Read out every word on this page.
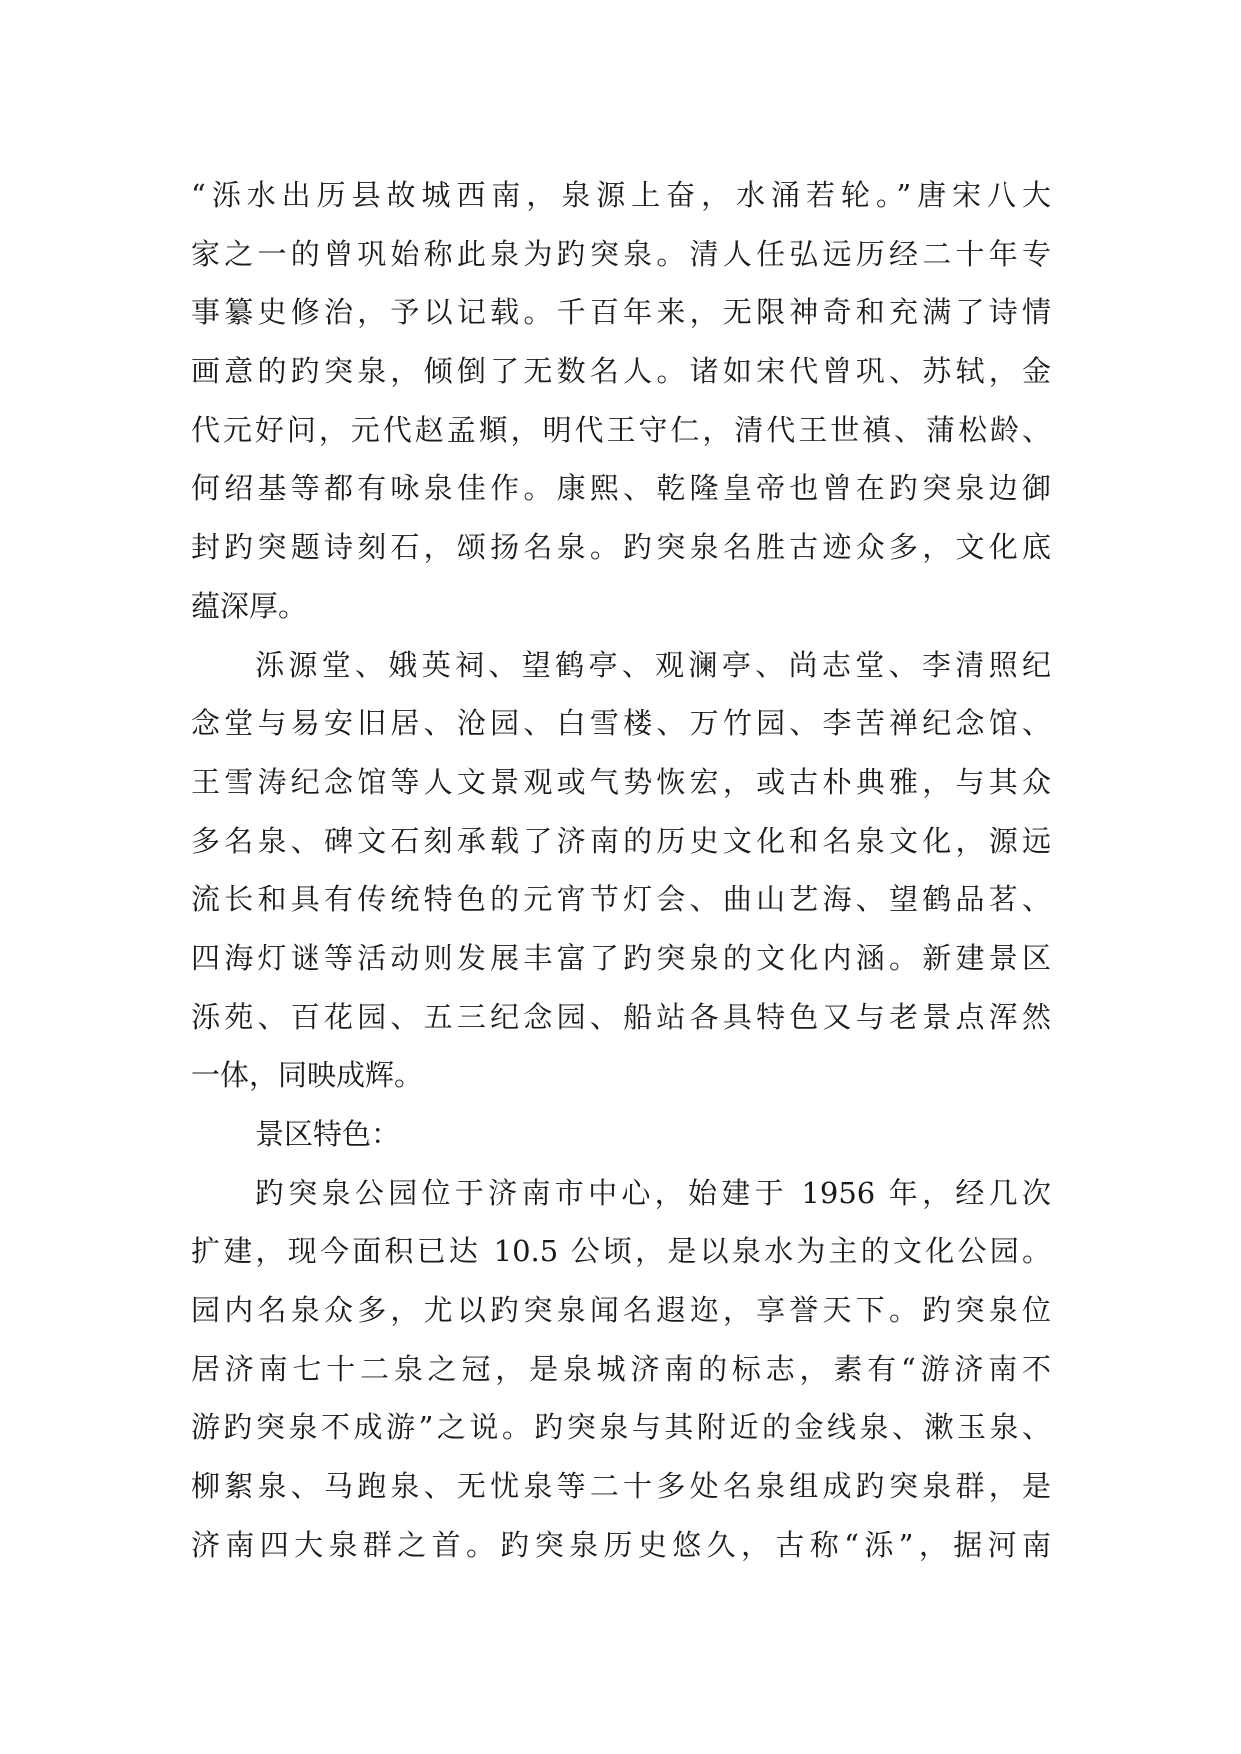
“泺水出历县故城西南，泉源上奋，水涌若轮。”唐宋八大
家之一的曾巩始称此泉为趵突泉。清人任弘远历经二十年专
事纂史修治，予以记载。千百年来，无限神奇和充满了诗情
画意的趵突泉，倾倒了无数名人。诸如宋代曾巩、苏轼，金
代元好问，元代赵孟頫，明代王守仁，清代王世禛、蒲松龄、
何绍基等都有咏泉佳作。康熙、乾隆皇帝也曾在趵突泉边御
封趵突题诗刻石，颂扬名泉。趵突泉名胜古迹众多，文化底
蕴深厚。
泺源堂、娥英祠、望鹤亭、观澜亭、尚志堂、李清照纪
念堂与易安旧居、沧园、白雪楼、万竹园、李苦禅纪念馆、
王雪涛纪念馆等人文景观或气势恢宏，或古朴典雅，与其众
多名泉、碑文石刻承载了济南的历史文化和名泉文化，源远
流长和具有传统特色的元宵节灯会、曲山艺海、望鹤品茗、
四海灯谜等活动则发展丰富了趵突泉的文化内涵。新建景区
泺苑、百花园、五三纪念园、船站各具特色又与老景点浑然
一体，同映成辉。
景区特色：
趵突泉公园位于济南市中心，始建于 1956 年，经几次
扩建，现今面积已达 10.5 公顷，是以泉水为主的文化公园。
园内名泉众多，尤以趵突泉闻名遐迩，享誉天下。趵突泉位
居济南七十二泉之冠，是泉城济南的标志，素有“游济南不
游趵突泉不成游”之说。趵突泉与其附近的金线泉、漱玉泉、
柳絮泉、马跑泉、无忧泉等二十多处名泉组成趵突泉群，是
济南四大泉群之首。趵突泉历史悠久，古称“泺”，据河南
